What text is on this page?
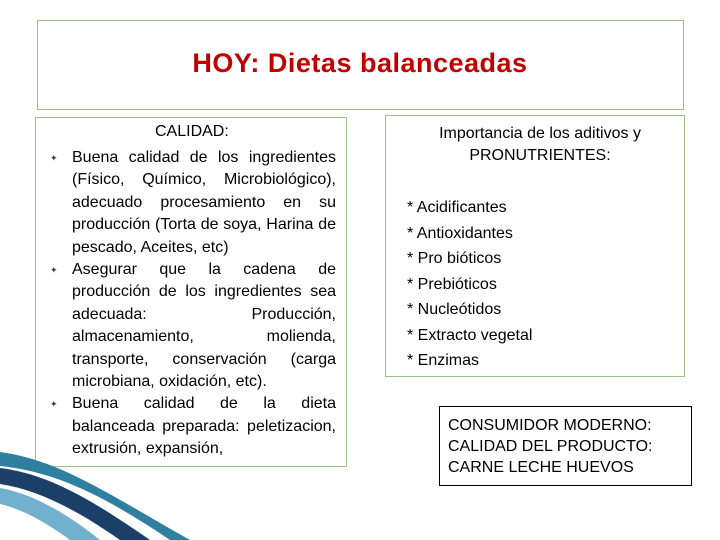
HOY: Dietas balanceadas
CALIDAD:
✦ Buena calidad de los ingredientes (Físico, Químico, Microbiológico), adecuado procesamiento en su producción (Torta de soya, Harina de pescado, Aceites, etc)
✦ Asegurar que la cadena de producción de los ingredientes sea adecuada: Producción, almacenamiento, molienda, transporte, conservación (carga microbiana, oxidación, etc).
✦ Buena calidad de la dieta balanceada preparada: peletizacion, extrusión, expansión,
Importancia de los aditivos y
PRONUTRIENTES:
* Acidificantes
* Antioxidantes
* Pro bióticos
* Prebióticos
* Nucleótidos
* Extracto vegetal
* Enzimas
CONSUMIDOR MODERNO:
CALIDAD DEL PRODUCTO:
CARNE LECHE HUEVOS
